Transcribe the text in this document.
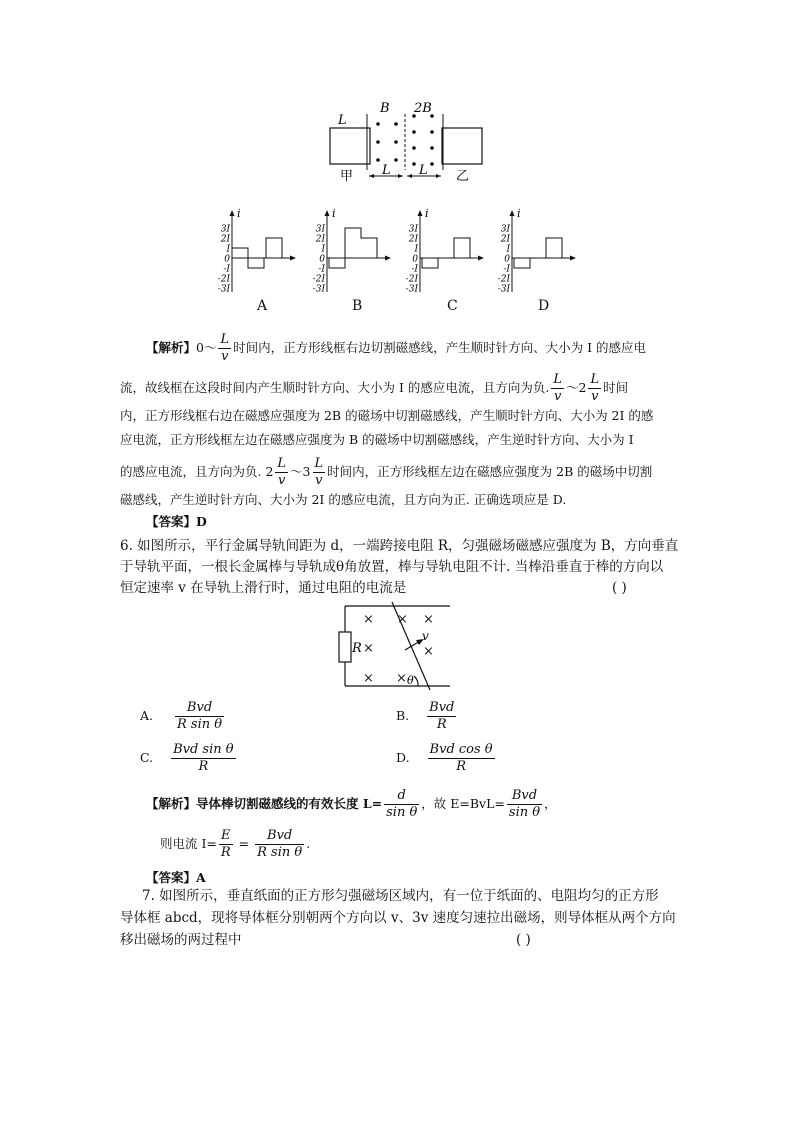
L
B 2B
L L
甲	乙
i
3I
2I
I
0
-I
-2I
-3I
i
3I
2I
I
0
-I
-2I
-3I
i
3I
2I
I
0
-I
-2I
-3I
i
3I
2I
I
0
-I
-2I
-3I
A	B	C	D
【解析】0～ $\frac{L}{v}$ 时间内，正方形线框右边切割磁感线，产生顺时针方向、大小为 I 的感应电
流，故线框在这段时间内产生顺时针方向、大小为 I 的感应电流，且方向为负. $\frac{L}{v}$ ～2 $\frac{L}{v}$ 时间
内，正方形线框右边在磁感应强度为 2B 的磁场中切割磁感线，产生顺时针方向、大小为 2I 的感
应电流，正方形线框左边在磁感应强度为 B 的磁场中切割磁感线，产生逆时针方向、大小为 I
的感应电流，且方向为负. $2 \frac{L}{v}$ ～3 $\frac{L}{v}$ 时间内，正方形线框左边在磁感应强度为 2B 的磁场中切割
磁感线，产生逆时针方向、大小为 2I 的感应电流，且方向为正. 正确选项应是 D.
【答案】D
6. 如图所示，平行金属导轨间距为 d，一端跨接电阻 R，匀强磁场磁感应强度为 B，方向垂直
于导轨平面，一根长金属棒与导轨成θ角放置，棒与导轨电阻不计. 当棒沿垂直于棒的方向以
恒定速率 v 在导轨上滑行时，通过电阻的电流是	( )
× × ×
×	×
× ×
R
v
θ
A. $\frac{\text{Bvd}}{\text{R sin θ}}$	B. $\frac{\text{Bvd}}{R}$
C. $\frac{\text{Bvd sin θ}}{R}$	D. $\frac{\text{Bvd cos θ}}{R}$
【解析】导体棒切割磁感线的有效长度 $L= \frac{d}{\text{sin θ}}$ ，故 $E=BvL= \frac{\text{Bvd}}{\text{sin θ}}$ ，
则电流 $I= \frac{E}{R} = \frac{\text{Bvd}}{\text{R sin θ}}$ .
【答案】A
7. 如图所示，垂直纸面的正方形匀强磁场区域内，有一位于纸面的、电阻均匀的正方形
导体框 abcd，现将导体框分别朝两个方向以 v、3v 速度匀速拉出磁场，则导体框从两个方向
移出磁场的两过程中	( )
